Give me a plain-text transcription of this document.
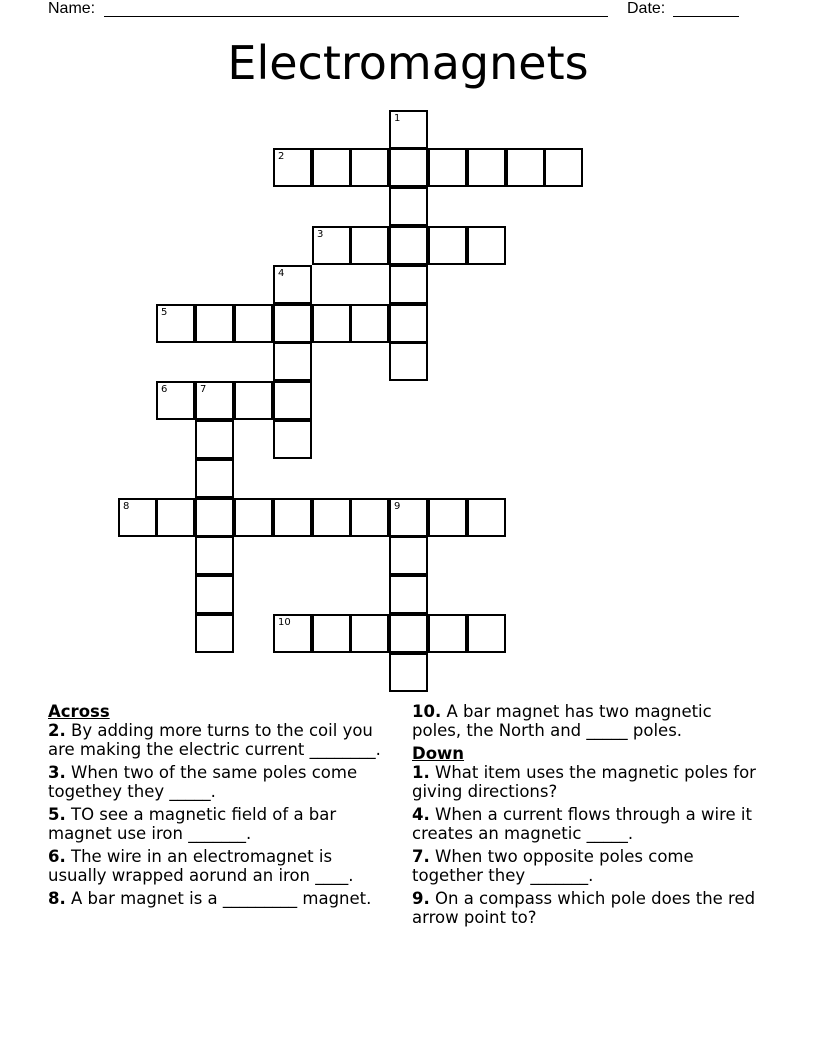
Name:	Date:
Electromagnets
1
2
3
4
5
6	7
8	9
10

Across

2. By adding more turns to the coil you are making the electric current ________.

3. When two of the same poles come togethey they _____.

5. TO see a magnetic field of a bar magnet use iron _______.

6. The wire in an electromagnet is usually wrapped aorund an iron ____.

8. A bar magnet is a _________ magnet.

10. A bar magnet has two magnetic poles, the North and _____ poles.

Down

1. What item uses the magnetic poles for giving directions?

4. When a current flows through a wire it creates an magnetic _____.

7. When two opposite poles come together they _______.

9. On a compass which pole does the red arrow point to?
